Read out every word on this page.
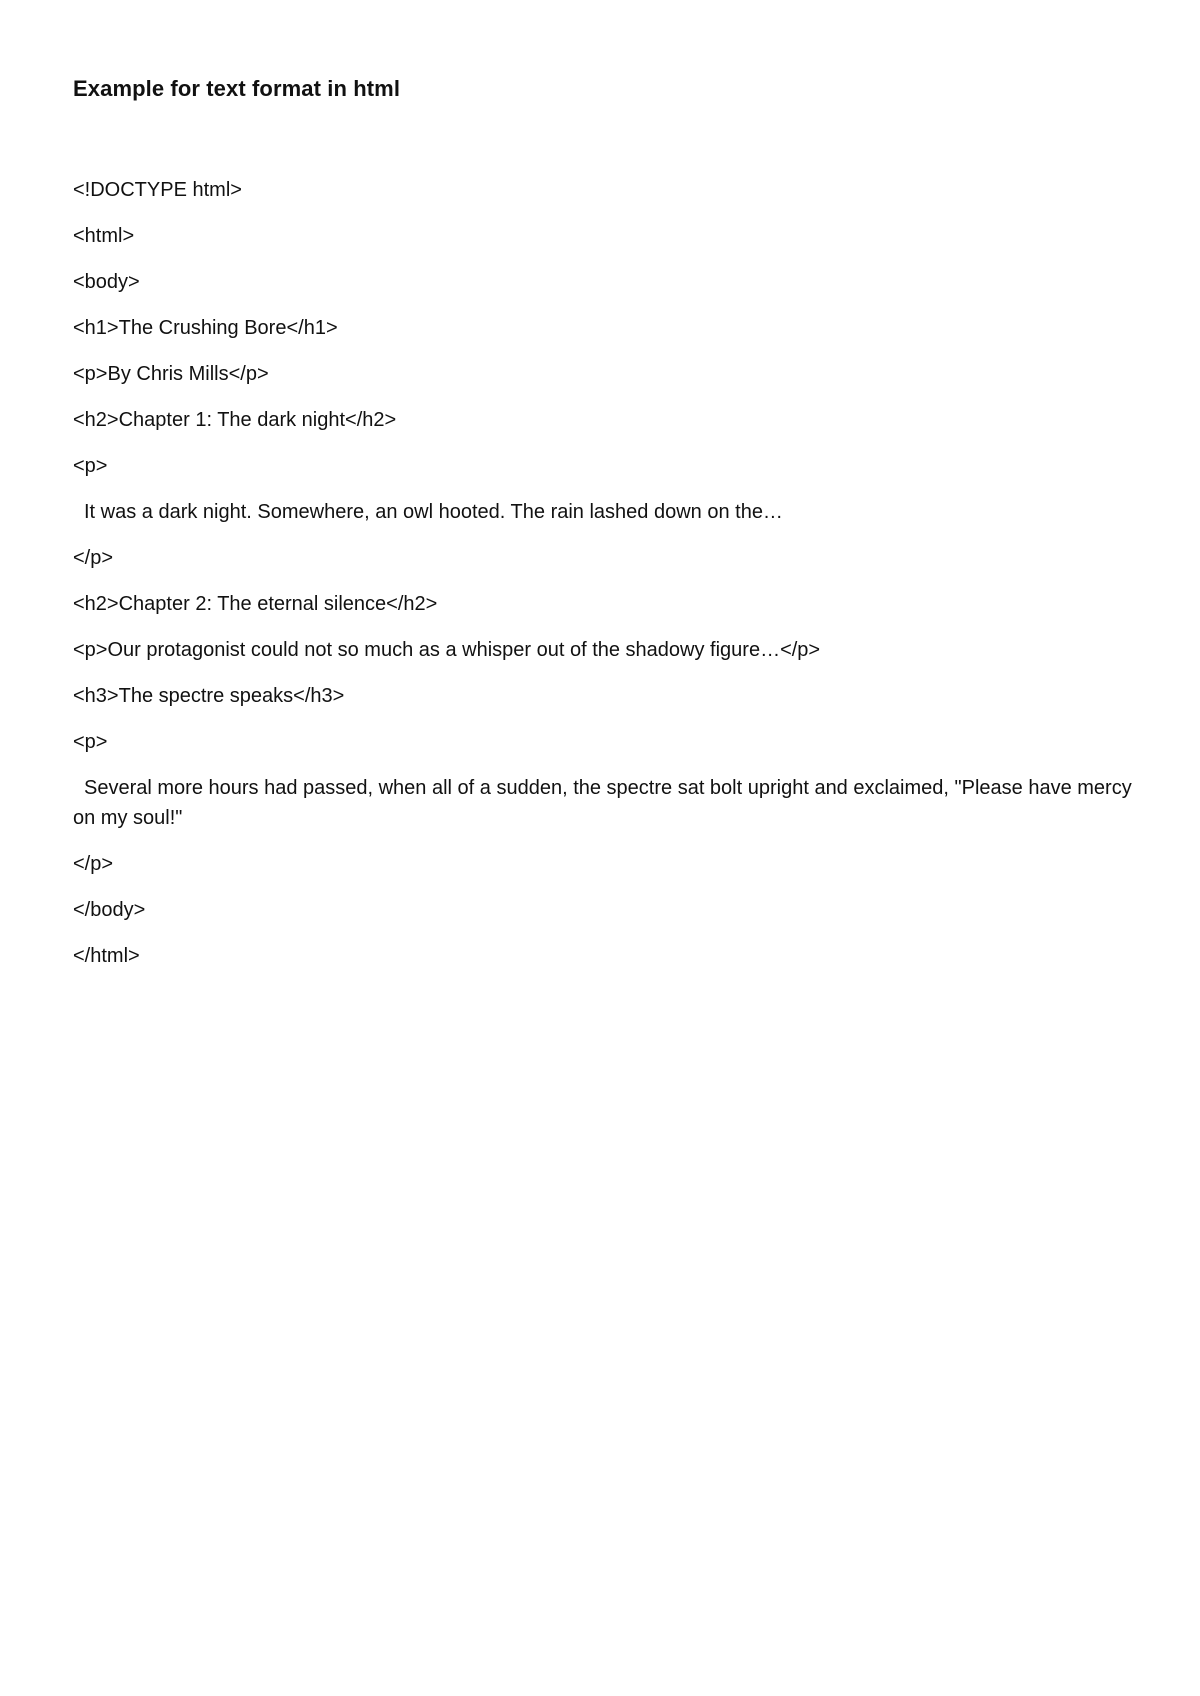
Example for text format in html
<!DOCTYPE html>
<html>
<body>
<h1>The Crushing Bore</h1>
<p>By Chris Mills</p>
<h2>Chapter 1: The dark night</h2>
<p>
It was a dark night. Somewhere, an owl hooted. The rain lashed down on the…
</p>
<h2>Chapter 2: The eternal silence</h2>
<p>Our protagonist could not so much as a whisper out of the shadowy figure…</p>
<h3>The spectre speaks</h3>
<p>
Several more hours had passed, when all of a sudden, the spectre sat bolt upright and exclaimed, "Please have mercy on my soul!"
</p>
</body>
</html>
